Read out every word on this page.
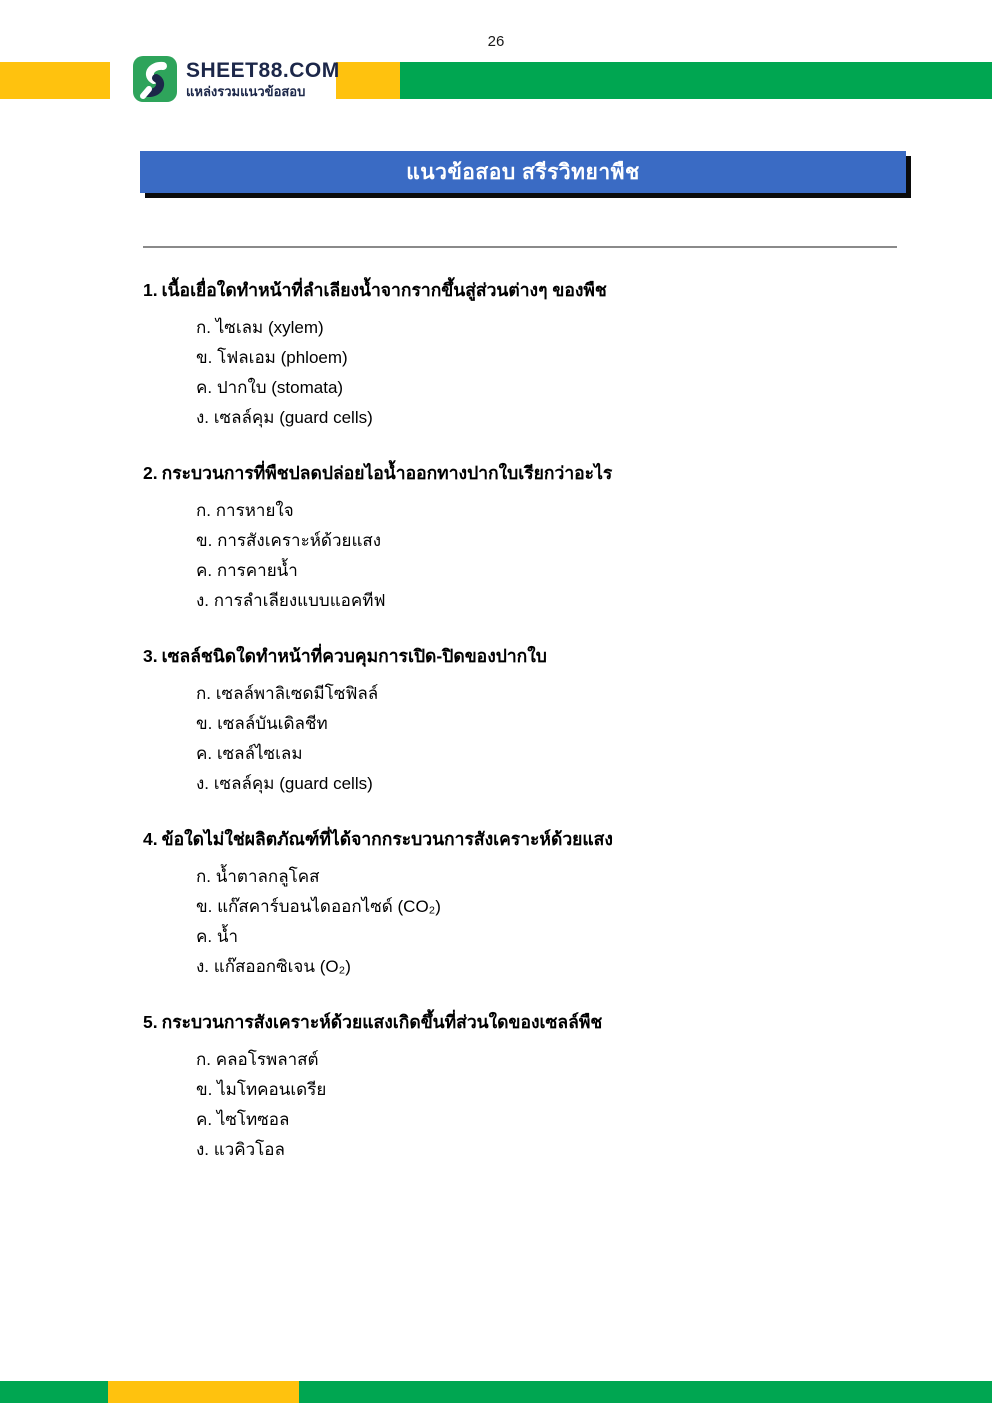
26
SHEET88.COM
แหล่งรวมแนวข้อสอบ
แนวข้อสอบ สรีรวิทยาพืช
1. เนื้อเยื่อใดทำหน้าที่ลำเลียงน้ำจากรากขึ้นสู่ส่วนต่างๆ ของพืช
ก. ไซเลม (xylem)
ข. โฟลเอม (phloem)
ค. ปากใบ (stomata)
ง. เซลล์คุม (guard cells)
2. กระบวนการที่พืชปลดปล่อยไอน้ำออกทางปากใบเรียกว่าอะไร
ก. การหายใจ
ข. การสังเคราะห์ด้วยแสง
ค. การคายน้ำ
ง. การลำเลียงแบบแอคทีฟ
3. เซลล์ชนิดใดทำหน้าที่ควบคุมการเปิด-ปิดของปากใบ
ก. เซลล์พาลิเซดมีโซฟิลล์
ข. เซลล์บันเดิลชีท
ค. เซลล์ไซเลม
ง. เซลล์คุม (guard cells)
4. ข้อใดไม่ใช่ผลิตภัณฑ์ที่ได้จากกระบวนการสังเคราะห์ด้วยแสง
ก. น้ำตาลกลูโคส
ข. แก๊สคาร์บอนไดออกไซด์ (CO₂)
ค. น้ำ
ง. แก๊สออกซิเจน (O₂)
5. กระบวนการสังเคราะห์ด้วยแสงเกิดขึ้นที่ส่วนใดของเซลล์พืช
ก. คลอโรพลาสต์
ข. ไมโทคอนเดรีย
ค. ไซโทซอล
ง. แวคิวโอล
